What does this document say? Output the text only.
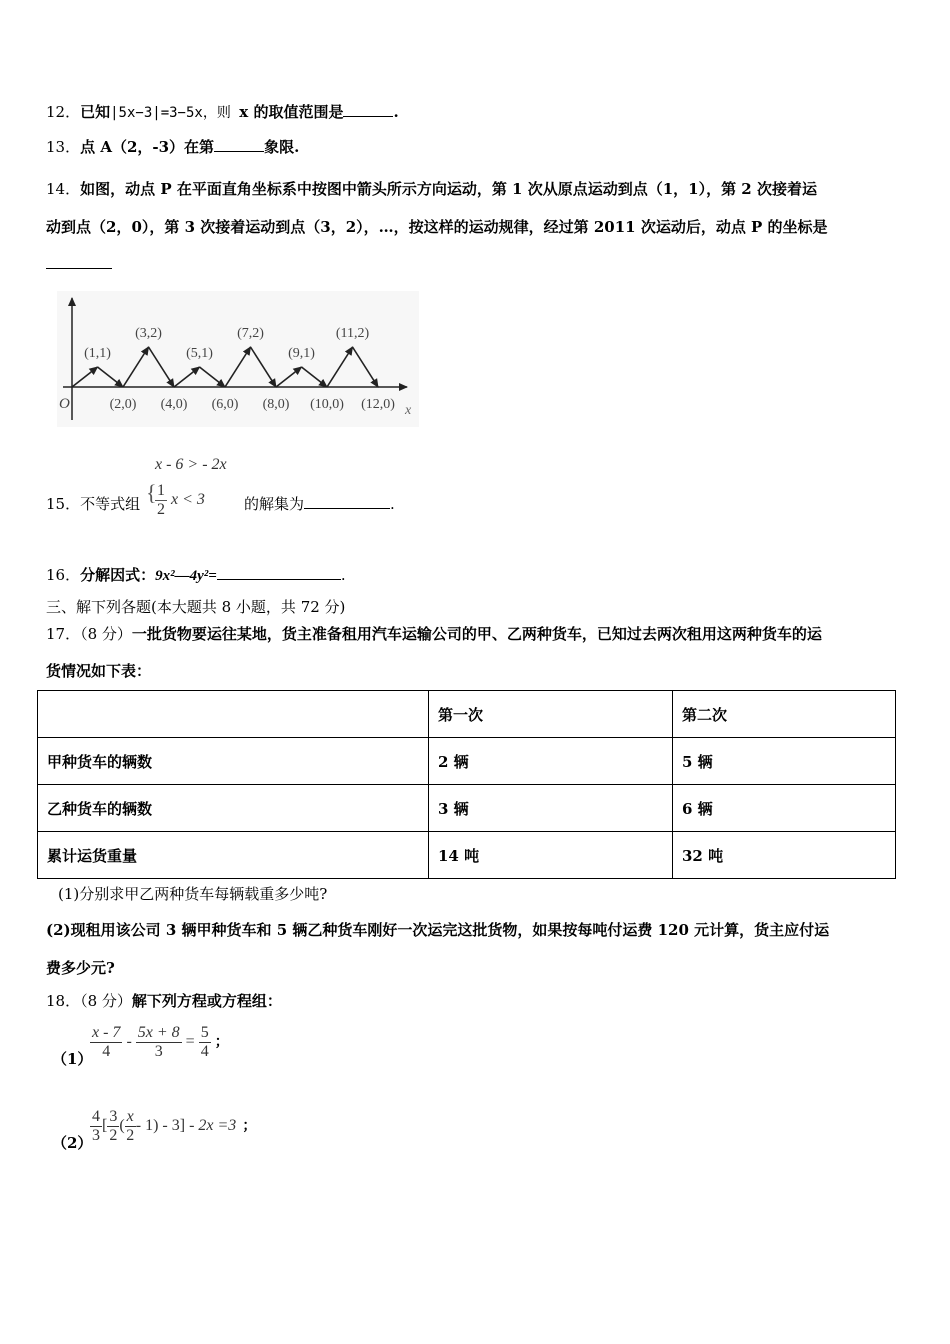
12．已知|5x−3|=3−5x，则 x 的取值范围是	.
13．点 A（2，-3）在第	象限.
14．如图，动点 P 在平面直角坐标系中按图中箭头所示方向运动，第 1 次从原点运动到点（1，1），第 2 次接着运
动到点（2，0），第 3 次接着运动到点（3，2），…，按这样的运动规律，经过第 2011 次运动后，动点 P 的坐标是
(1,1)
(3,2)
(5,1)
(7,2)
(9,1)
(11,2)
(2,0) (4,0) (6,0) (8,0) (10,0) (12,0)
O	x
x - 6 > - 2x
15．不等式组 {
$\frac{1}{2}$ x < 3	的解集为	.
16．分解因式：9x²—4y²=	.
三、解下列各题(本大题共 8 小题，共 72 分)
17．（8 分）一批货物要运往某地，货主准备租用汽车运输公司的甲、乙两种货车，已知过去两次租用这两种货车的运
货情况如下表：
	第一次	第二次
甲种货车的辆数	2 辆	5 辆
乙种货车的辆数	3 辆	6 辆
累计运货重量	14 吨	32 吨
(1)分别求甲乙两种货车每辆载重多少吨?
(2)现租用该公司 3 辆甲种货车和 5 辆乙种货车刚好一次运完这批货物，如果按每吨付运费 120 元计算，货主应付运
费多少元?
18．（8 分）解下列方程或方程组：
（1）
$\frac{x - 7}{4} - \frac{5x + 8}{3} = \frac{5}{4}$ ；
（2）
$\frac{4}{3}$ [ $\frac{3}{2}$ ( $\frac{x}{2} - 1) - 3] - 2x =3$ ；
